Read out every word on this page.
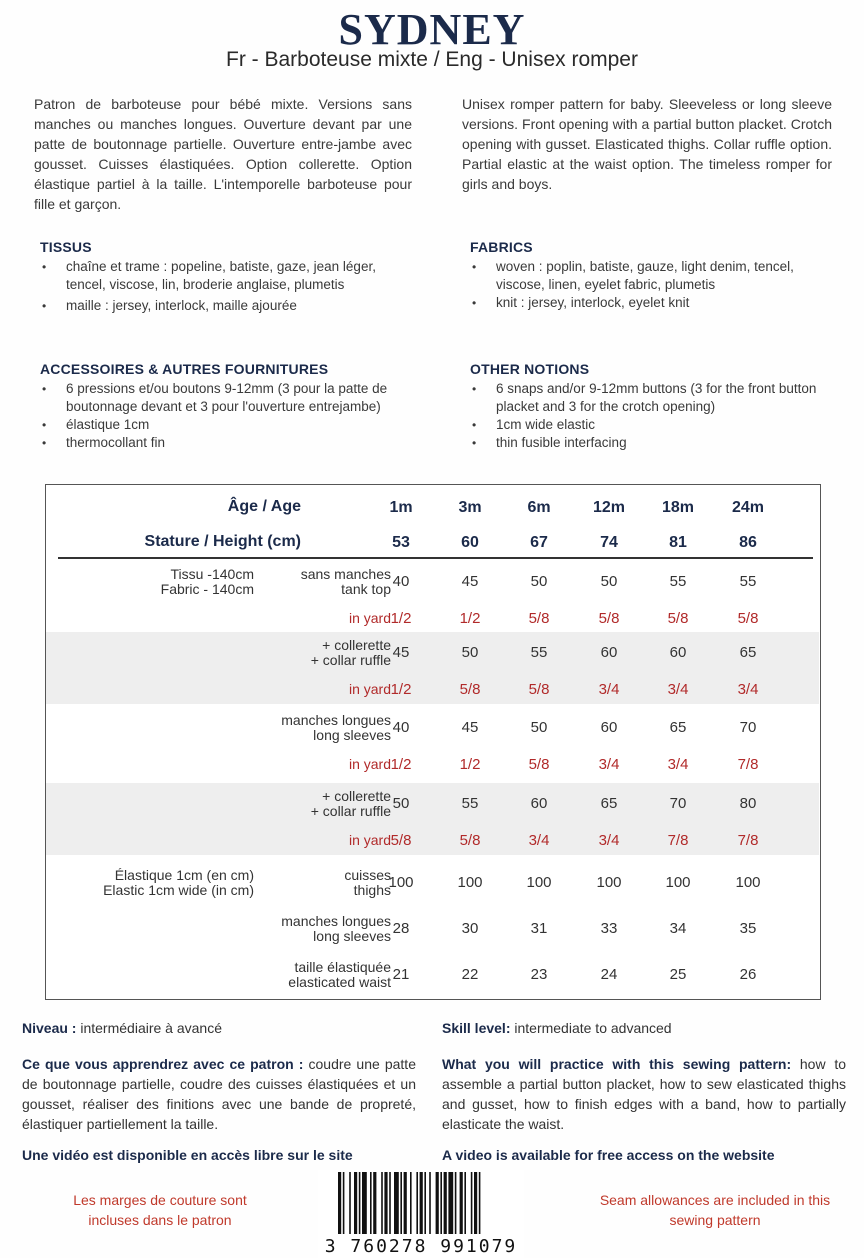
SYDNEY
Fr - Barboteuse mixte / Eng - Unisex romper
Patron de barboteuse pour bébé mixte. Versions sans manches ou manches longues. Ouverture devant par une patte de boutonnage partielle. Ouverture entre-jambe avec gousset. Cuisses élastiquées. Option collerette. Option élastique partiel à la taille. L'intemporelle barboteuse pour fille et garçon.
Unisex romper pattern for baby. Sleeveless or long sleeve versions. Front opening with a partial button placket. Crotch opening with gusset. Elasticated thighs. Collar ruffle option. Partial elastic at the waist option. The timeless romper for girls and boys.
TISSUS
• chaîne et trame : popeline, batiste, gaze, jean léger, tencel, viscose, lin, broderie anglaise, plumetis
• maille : jersey, interlock, maille ajourée
FABRICS
• woven : poplin, batiste, gauze, light denim, tencel, viscose, linen, eyelet fabric, plumetis
• knit : jersey, interlock, eyelet knit
ACCESSOIRES & AUTRES FOURNITURES
• 6 pressions et/ou boutons 9-12mm (3 pour la patte de boutonnage devant et 3 pour l'ouverture entrejambe)
• élastique 1cm
• thermocollant fin
OTHER NOTIONS
• 6 snaps and/or 9-12mm buttons (3 for the front button placket and 3 for the crotch opening)
• 1cm wide elastic
• thin fusible interfacing
Âge / Age
Stature / Height (cm)
1m	3m	6m	12m	18m	24m
53	60	67	74	81	86
sans manches
tank top
Tissu -140cm
Fabric - 140cm	40	45	50	50	55	55
in yard 1/2	1/2	5/8	5/8	5/8	5/8
+ collerette
+ collar ruffle 45	50	55	60	60	65
in yard 1/2	5/8	5/8	3/4	3/4	3/4
manches longues
long sleeves 40	45	50	60	65	70
in yard 1/2	1/2	5/8	3/4	3/4	7/8
+ collerette
+ collar ruffle 50	55	60	65	70	80
in yard 5/8	5/8	3/4	3/4	7/8	7/8
cuisses
thighs
Élastique 1cm (en cm)
Elastic 1cm wide (in cm)	100	100	100	100	100	100
manches longues
long sleeves 28	30	31	33	34	35
taille élastiquée
elasticated waist 21	22	23	24	25	26
Niveau : intermédiaire à avancé	Skill level: intermediate to advanced
Ce que vous apprendrez avec ce patron : coudre une patte de boutonnage partielle, coudre des cuisses élastiquées et un gousset, réaliser des finitions avec une bande de propreté, élastiquer partiellement la taille.
What you will practice with this sewing pattern: how to assemble a partial button placket, how to sew elasticated thighs and gusset, how to finish edges with a band, how to partially elasticate the waist.
Une vidéo est disponible en accès libre sur le site	A video is available for free access on the website
Les marges de couture sont incluses dans le patron
Seam allowances are included in this sewing pattern
3 760278 991079
